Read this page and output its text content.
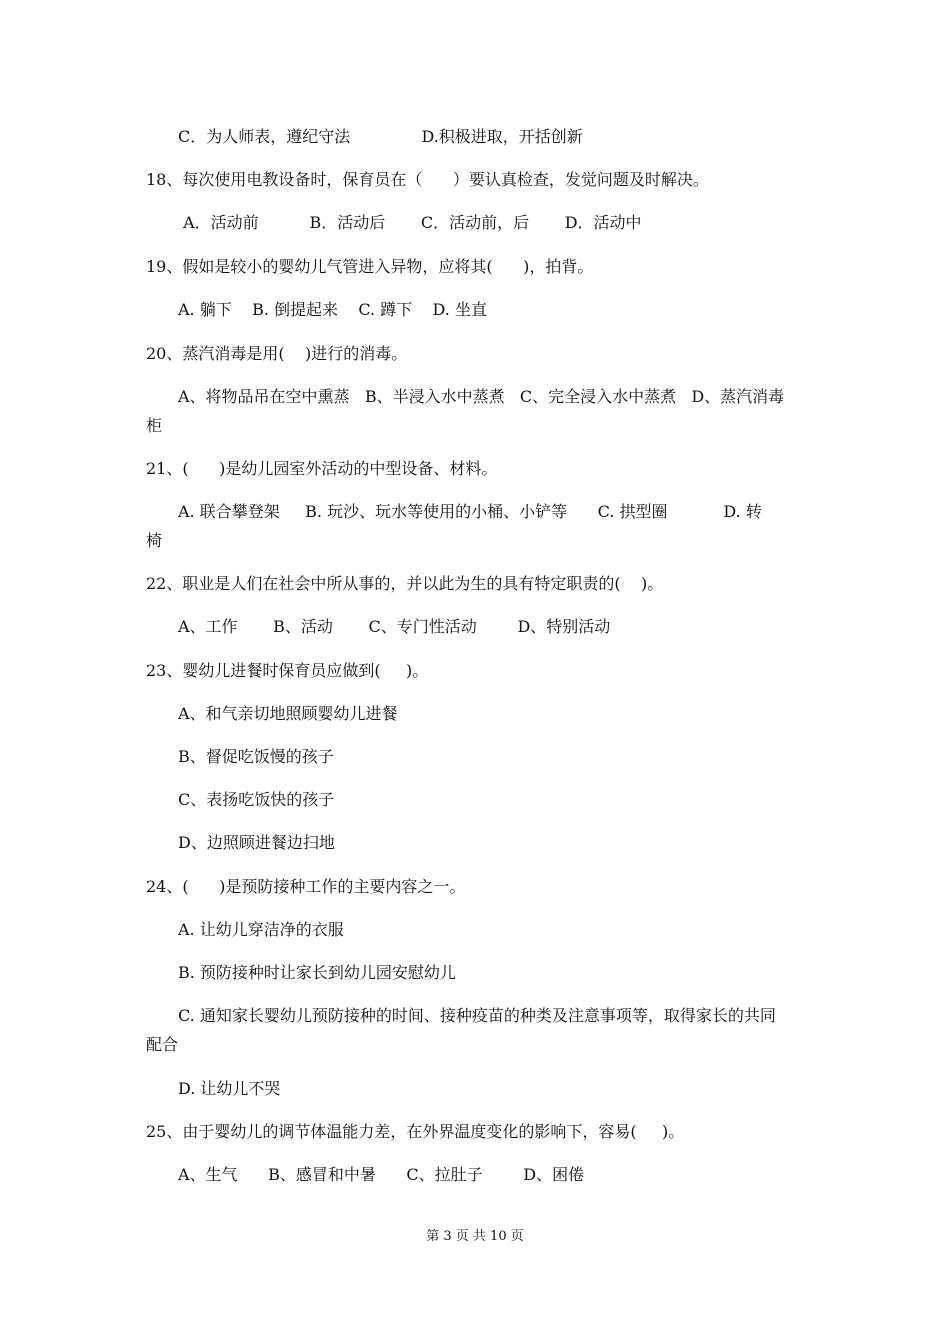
C．为人师表，遵纪守法              D.积极进取，开括创新
18、每次使用电教设备时，保育员在（      ）要认真检查，发觉问题及时解决。
A．活动前          B．活动后       C．活动前，后       D．活动中
19、假如是较小的婴幼儿气管进入异物，应将其(      )，拍背。
A. 躺下    B. 倒提起来    C. 蹲下    D. 坐直
20、蒸汽消毒是用(    )进行的消毒。
A、将物品吊在空中熏蒸   B、半浸入水中蒸煮   C、完全浸入水中蒸煮   D、蒸汽消毒
柜
21、(      )是幼儿园室外活动的中型设备、材料。
A. 联合攀登架     B. 玩沙、玩水等使用的小桶、小铲等      C. 拱型圈           D. 转
椅
22、职业是人们在社会中所从事的，并以此为生的具有特定职责的(    )。
A、工作       B、活动       C、专门性活动        D、特别活动
23、婴幼儿进餐时保育员应做到(     )。
A、和气亲切地照顾婴幼儿进餐
B、督促吃饭慢的孩子
C、表扬吃饭快的孩子
D、边照顾进餐边扫地
24、(      )是预防接种工作的主要内容之一。
A. 让幼儿穿洁净的衣服
B. 预防接种时让家长到幼儿园安慰幼儿
C. 通知家长婴幼儿预防接种的时间、接种疫苗的种类及注意事项等，取得家长的共同
配合
D. 让幼儿不哭
25、由于婴幼儿的调节体温能力差，在外界温度变化的影响下，容易(     )。
A、生气      B、感冒和中暑      C、拉肚子        D、困倦
第 3 页 共 10 页
